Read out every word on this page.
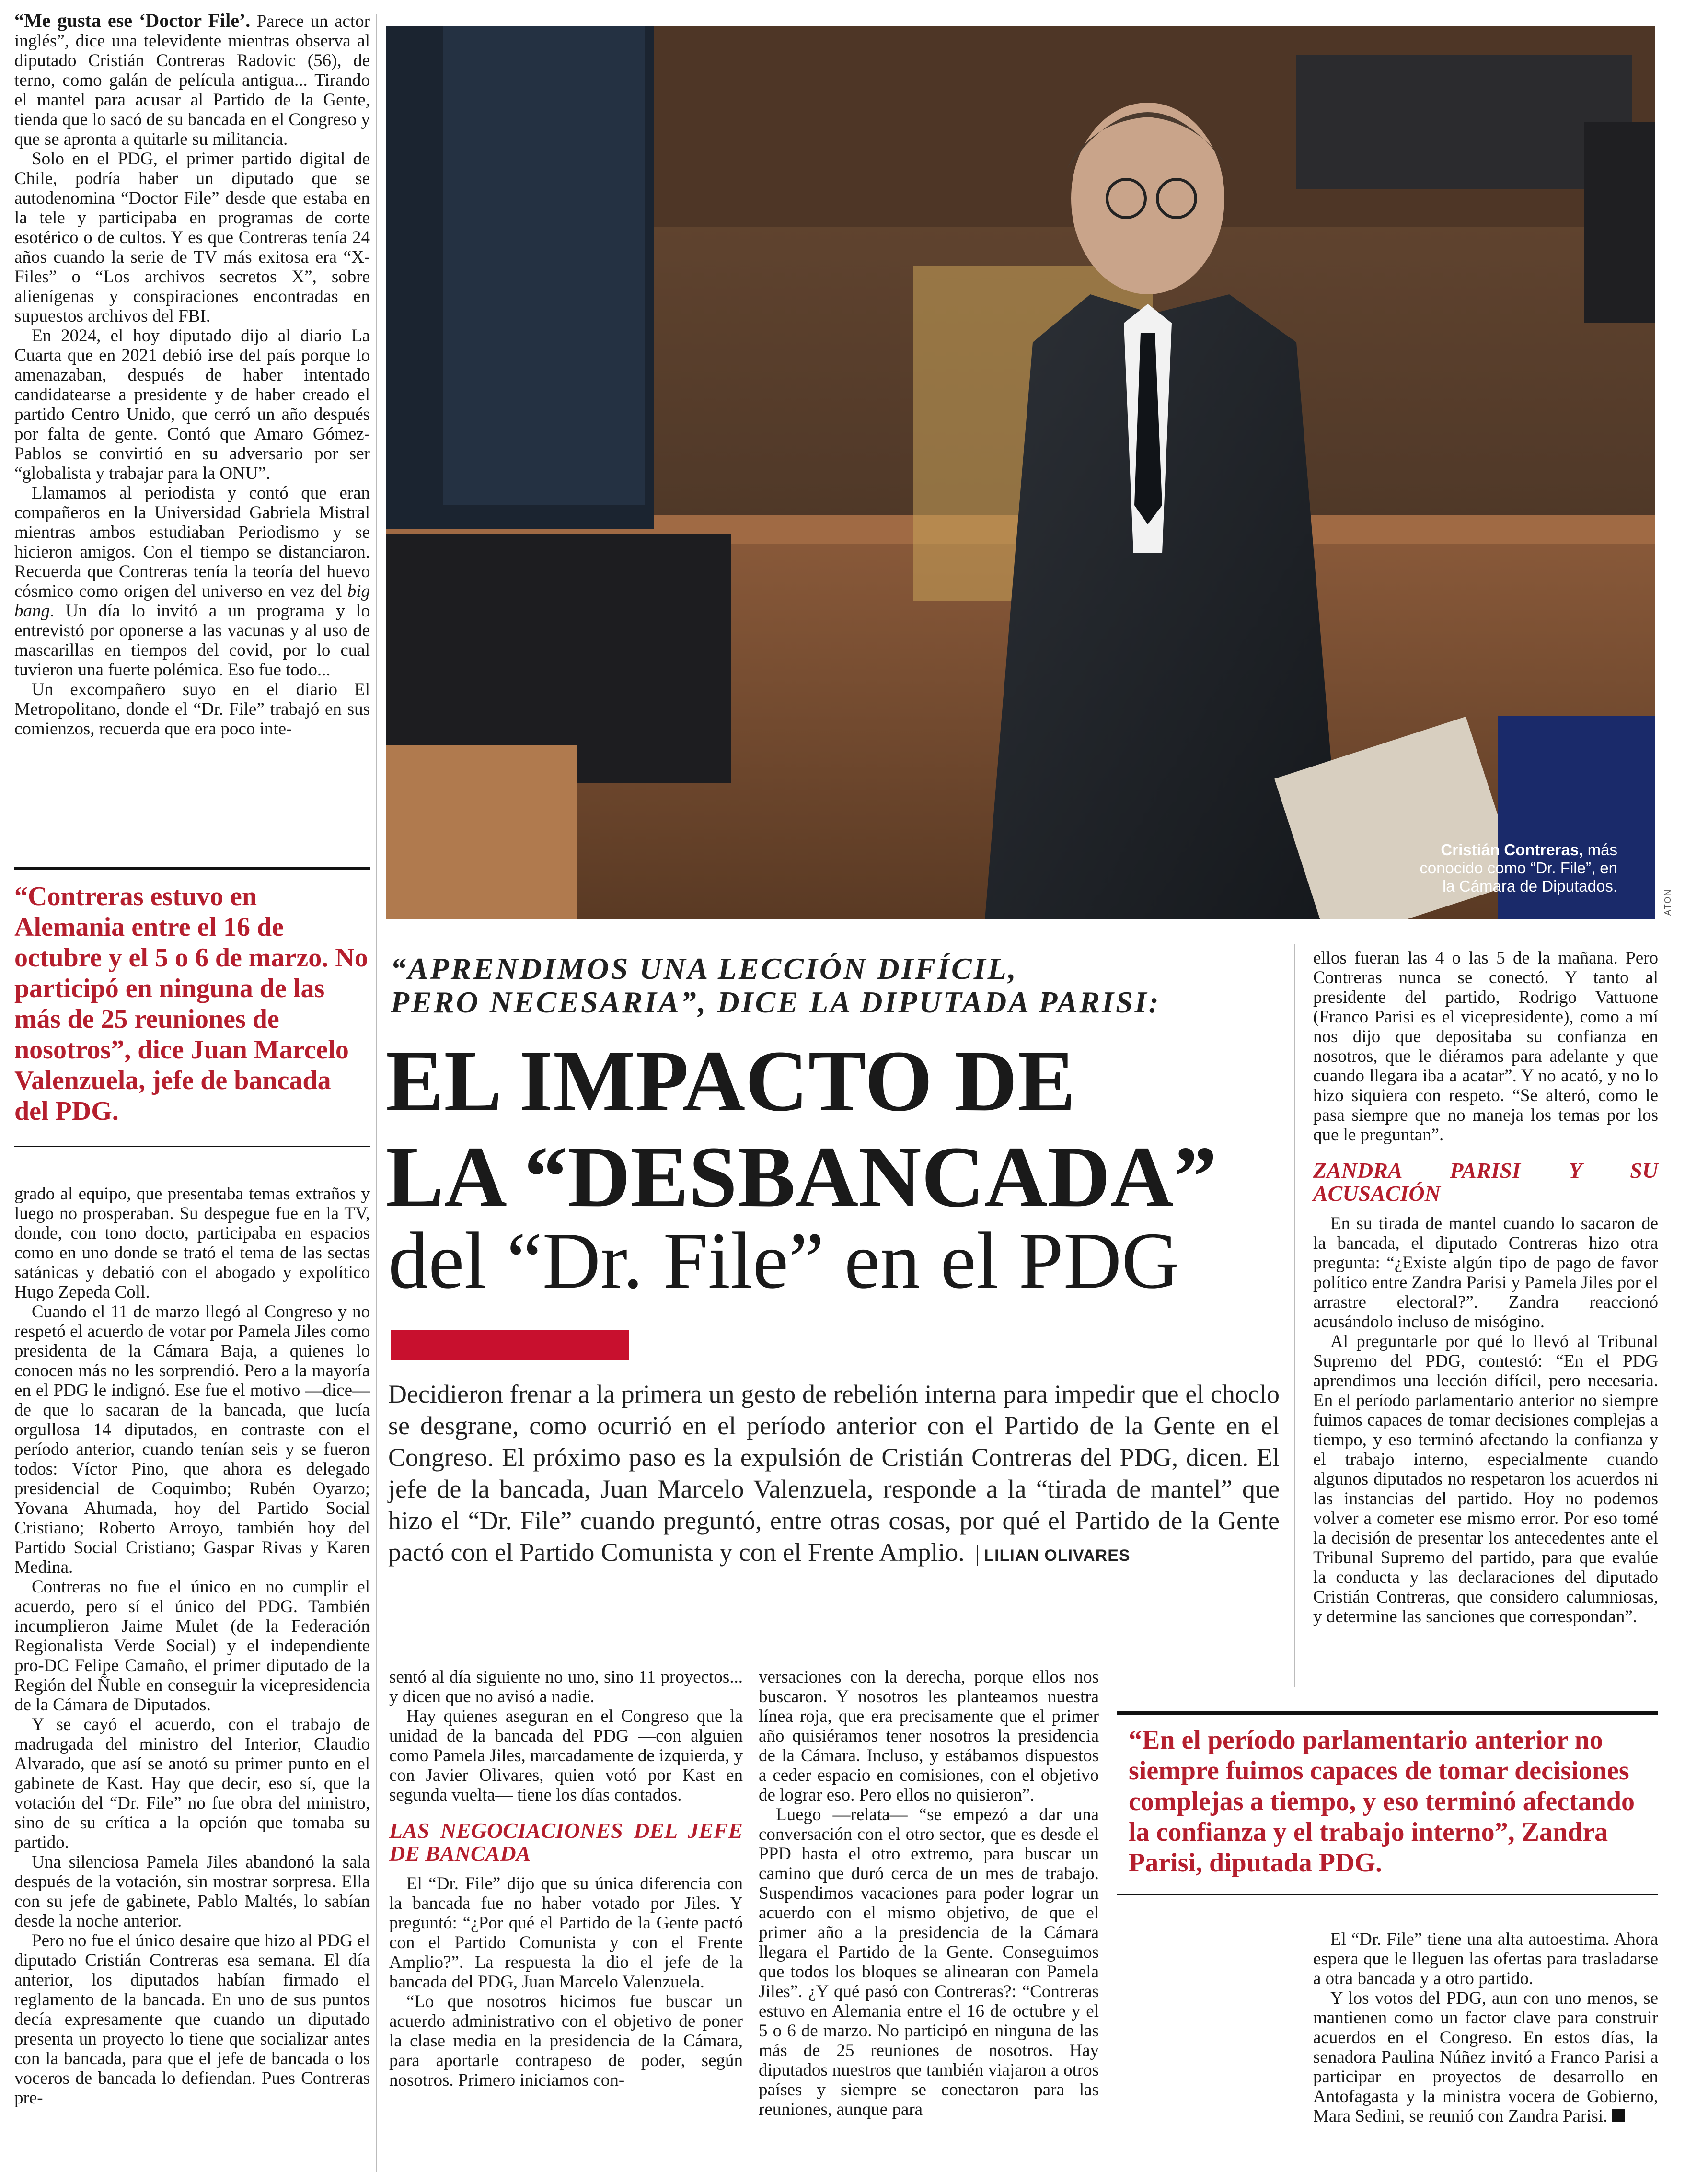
“Me gusta ese ‘Doctor File’. Parece un actor inglés”, dice una televidente mientras observa al diputado Cristián Contreras Radovic (56), de terno, como galán de película antigua... Tirando el mantel para acusar al Partido de la Gente, tienda que lo sacó de su bancada en el Congreso y que se apronta a quitarle su militancia.

Solo en el PDG, el primer partido digital de Chile, podría haber un diputado que se autodenomina “Doctor File” desde que estaba en la tele y participaba en programas de corte esotérico o de cultos. Y es que Contreras tenía 24 años cuando la serie de TV más exitosa era “X-Files” o “Los archivos secretos X”, sobre alienígenas y conspiraciones encontradas en supuestos archivos del FBI.

En 2024, el hoy diputado dijo al diario La Cuarta que en 2021 debió irse del país porque lo amenazaban, después de haber intentado candidatearse a presidente y de haber creado el partido Centro Unido, que cerró un año después por falta de gente. Contó que Amaro Gómez-Pablos se convirtió en su adversario por ser “globalista y trabajar para la ONU”.

Llamamos al periodista y contó que eran compañeros en la Universidad Gabriela Mistral mientras ambos estudiaban Periodismo y se hicieron amigos. Con el tiempo se distanciaron. Recuerda que Contreras tenía la teoría del huevo cósmico como origen del universo en vez del big bang. Un día lo invitó a un programa y lo entrevistó por oponerse a las vacunas y al uso de mascarillas en tiempos del covid, por lo cual tuvieron una fuerte polémica. Eso fue todo...

Un excompañero suyo en el diario El Metropolitano, donde el “Dr. File” trabajó en sus comienzos, recuerda que era poco inte-

“Contreras estuvo en Alemania entre el 16 de octubre y el 5 o 6 de marzo. No participó en ninguna de las más de 25 reuniones de nosotros”, dice Juan Marcelo Valenzuela, jefe de bancada del PDG.

grado al equipo, que presentaba temas extraños y luego no prosperaban. Su despegue fue en la TV, donde, con tono docto, participaba en espacios como en uno donde se trató el tema de las sectas satánicas y debatió con el abogado y expolítico Hugo Zepeda Coll.

Cuando el 11 de marzo llegó al Congreso y no respetó el acuerdo de votar por Pamela Jiles como presidenta de la Cámara Baja, a quienes lo conocen más no les sorprendió. Pero a la mayoría en el PDG le indignó. Ese fue el motivo —dice— de que lo sacaran de la bancada, que lucía orgullosa 14 diputados, en contraste con el período anterior, cuando tenían seis y se fueron todos: Víctor Pino, que ahora es delegado presidencial de Coquimbo; Rubén Oyarzo; Yovana Ahumada, hoy del Partido Social Cristiano; Roberto Arroyo, también hoy del Partido Social Cristiano; Gaspar Rivas y Karen Medina.

Contreras no fue el único en no cumplir el acuerdo, pero sí el único del PDG. También incumplieron Jaime Mulet (de la Federación Regionalista Verde Social) y el independiente pro-DC Felipe Camaño, el primer diputado de la Región del Ñuble en conseguir la vicepresidencia de la Cámara de Diputados.

Y se cayó el acuerdo, con el trabajo de madrugada del ministro del Interior, Claudio Alvarado, que así se anotó su primer punto en el gabinete de Kast. Hay que decir, eso sí, que la votación del “Dr. File” no fue obra del ministro, sino de su crítica a la opción que tomaba su partido.

Una silenciosa Pamela Jiles abandonó la sala después de la votación, sin mostrar sorpresa. Ella con su jefe de gabinete, Pablo Maltés, lo sabían desde la noche anterior.

Pero no fue el único desaire que hizo al PDG el diputado Cristián Contreras esa semana. El día anterior, los diputados habían firmado el reglamento de la bancada. En uno de sus puntos decía expresamente que cuando un diputado presenta un proyecto lo tiene que socializar antes con la bancada, para que el jefe de bancada o los voceros de bancada lo defiendan. Pues Contreras pre-

Cristián Contreras, más conocido como “Dr. File”, en la Cámara de Diputados.
ATON
“APRENDIMOS UNA LECCIÓN DIFÍCIL,
PERO NECESARIA”, DICE LA DIPUTADA PARISI:
EL IMPACTO DE
LA “DESBANCADA”
del “Dr. File” en el PDG
Decidieron frenar a la primera un gesto de rebelión interna para impedir que el choclo se desgrane, como ocurrió en el período anterior con el Partido de la Gente en el Congreso. El próximo paso es la expulsión de Cristián Contreras del PDG, dicen. El jefe de la bancada, Juan Marcelo Valenzuela, responde a la “tirada de mantel” que hizo el “Dr. File” cuando preguntó, entre otras cosas, por qué el Partido de la Gente pactó con el Partido Comunista y con el Frente Amplio. LILIAN OLIVARES

sentó al día siguiente no uno, sino 11 proyectos... y dicen que no avisó a nadie.

Hay quienes aseguran en el Congreso que la unidad de la bancada del PDG —con alguien como Pamela Jiles, marcadamente de izquierda, y con Javier Olivares, quien votó por Kast en segunda vuelta— tiene los días contados.

LAS NEGOCIACIONES DEL JEFE DE BANCADA

El “Dr. File” dijo que su única diferencia con la bancada fue no haber votado por Jiles. Y preguntó: “¿Por qué el Partido de la Gente pactó con el Partido Comunista y con el Frente Amplio?”. La respuesta la dio el jefe de la bancada del PDG, Juan Marcelo Valenzuela.

“Lo que nosotros hicimos fue buscar un acuerdo administrativo con el objetivo de poner la clase media en la presidencia de la Cámara, para aportarle contrapeso de poder, según nosotros. Primero iniciamos con-

versaciones con la derecha, porque ellos nos buscaron. Y nosotros les planteamos nuestra línea roja, que era precisamente que el primer año quisiéramos tener nosotros la presidencia de la Cámara. Incluso, y estábamos dispuestos a ceder espacio en comisiones, con el objetivo de lograr eso. Pero ellos no quisieron”.

Luego —relata— “se empezó a dar una conversación con el otro sector, que es desde el PPD hasta el otro extremo, para buscar un camino que duró cerca de un mes de trabajo. Suspendimos vacaciones para poder lograr un acuerdo con el mismo objetivo, de que el primer año a la presidencia de la Cámara llegara el Partido de la Gente. Conseguimos que todos los bloques se alinearan con Pamela Jiles”. ¿Y qué pasó con Contreras?: “Contreras estuvo en Alemania entre el 16 de octubre y el 5 o 6 de marzo. No participó en ninguna de las más de 25 reuniones de nosotros. Hay diputados nuestros que también viajaron a otros países y siempre se conectaron para las reuniones, aunque para

ellos fueran las 4 o las 5 de la mañana. Pero Contreras nunca se conectó. Y tanto al presidente del partido, Rodrigo Vattuone (Franco Parisi es el vicepresidente), como a mí nos dijo que depositaba su confianza en nosotros, que le diéramos para adelante y que cuando llegara iba a acatar”. Y no acató, y no lo hizo siquiera con respeto. “Se alteró, como le pasa siempre que no maneja los temas por los que le preguntan”.

ZANDRA PARISI Y SU ACUSACIÓN

En su tirada de mantel cuando lo sacaron de la bancada, el diputado Contreras hizo otra pregunta: “¿Existe algún tipo de pago de favor político entre Zandra Parisi y Pamela Jiles por el arrastre electoral?”. Zandra reaccionó acusándolo incluso de misógino.

Al preguntarle por qué lo llevó al Tribunal Supremo del PDG, contestó: “En el PDG aprendimos una lección difícil, pero necesaria. En el período parlamentario anterior no siempre fuimos capaces de tomar decisiones complejas a tiempo, y eso terminó afectando la confianza y el trabajo interno, especialmente cuando algunos diputados no respetaron los acuerdos ni las instancias del partido. Hoy no podemos volver a cometer ese mismo error. Por eso tomé la decisión de presentar los antecedentes ante el Tribunal Supremo del partido, para que evalúe la conducta y las declaraciones del diputado Cristián Contreras, que considero calumniosas, y determine las sanciones que correspondan”.

“En el período parlamentario anterior no siempre fuimos capaces de tomar decisiones complejas a tiempo, y eso terminó afectando la confianza y el trabajo interno”, Zandra Parisi, diputada PDG.

El “Dr. File” tiene una alta autoestima. Ahora espera que le lleguen las ofertas para trasladarse a otra bancada y a otro partido.

Y los votos del PDG, aun con uno menos, se mantienen como un factor clave para construir acuerdos en el Congreso. En estos días, la senadora Paulina Núñez invitó a Franco Parisi a participar en proyectos de desarrollo en Antofagasta y la ministra vocera de Gobierno, Mara Sedini, se reunió con Zandra Parisi.
